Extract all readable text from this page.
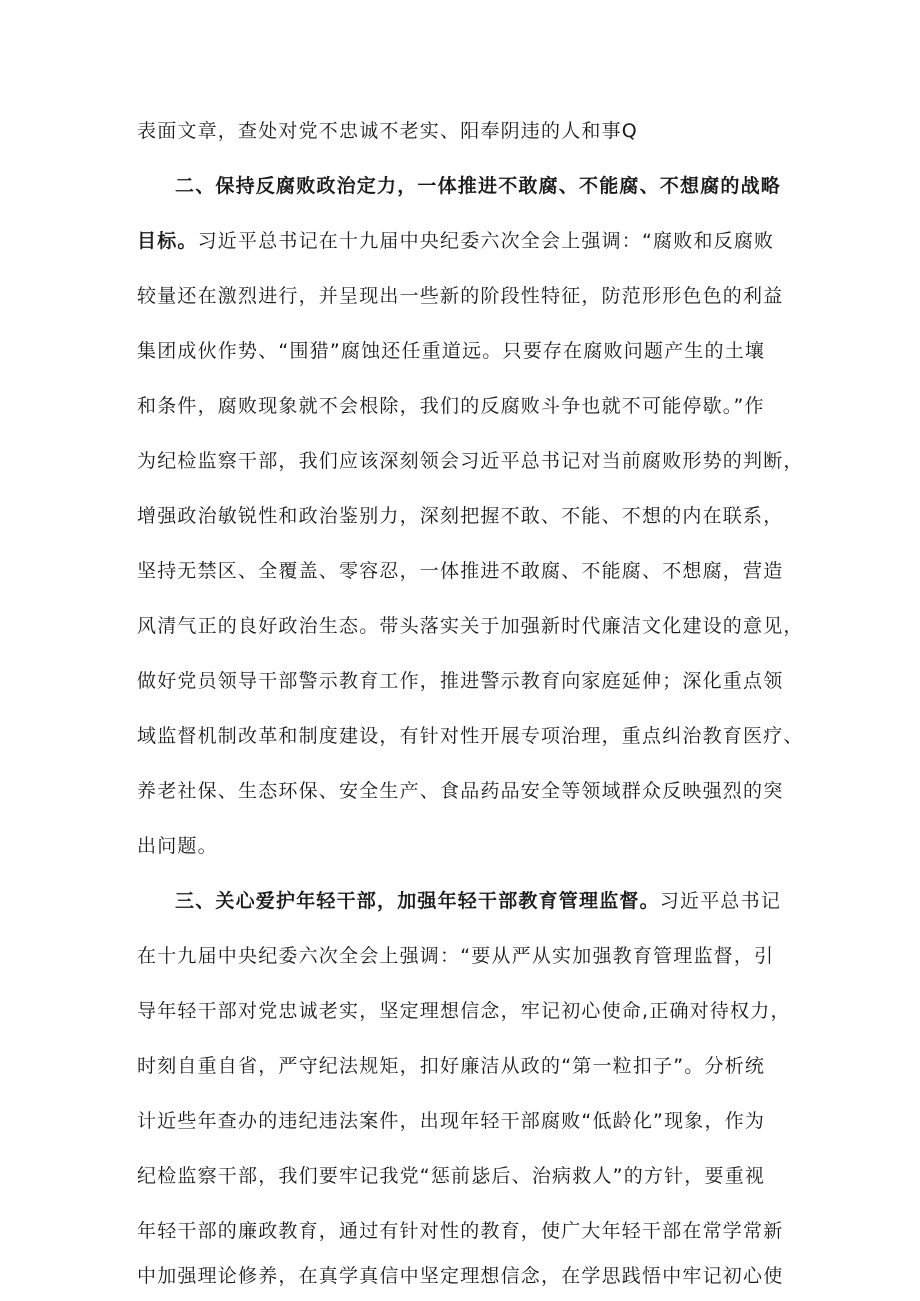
表面文章，查处对党不忠诚不老实、阳奉阴违的人和事Q
二、保持反腐败政治定力，一体推进不敢腐、不能腐、不想腐的战略
目标。习近平总书记在十九届中央纪委六次全会上强调：“腐败和反腐败
较量还在激烈进行，并呈现出一些新的阶段性特征，防范形形色色的利益
集团成伙作势、“围猎”腐蚀还任重道远。只要存在腐败问题产生的土壤
和条件，腐败现象就不会根除，我们的反腐败斗争也就不可能停歇。”作
为纪检监察干部，我们应该深刻领会习近平总书记对当前腐败形势的判断，
增强政治敏锐性和政治鉴别力，深刻把握不敢、不能、不想的内在联系，
坚持无禁区、全覆盖、零容忍，一体推进不敢腐、不能腐、不想腐，营造
风清气正的良好政治生态。带头落实关于加强新时代廉洁文化建设的意见，
做好党员领导干部警示教育工作，推进警示教育向家庭延伸；深化重点领
域监督机制改革和制度建设，有针对性开展专项治理，重点纠治教育医疗、
养老社保、生态环保、安全生产、食品药品安全等领域群众反映强烈的突
出问题。
三、关心爱护年轻干部，加强年轻干部教育管理监督。习近平总书记
在十九届中央纪委六次全会上强调：“要从严从实加强教育管理监督，引
导年轻干部对党忠诚老实，坚定理想信念，牢记初心使命,正确对待权力，
时刻自重自省，严守纪法规矩，扣好廉洁从政的“第一粒扣子”。分析统
计近些年查办的违纪违法案件，出现年轻干部腐败“低龄化”现象，作为
纪检监察干部，我们要牢记我党“惩前毖后、治病救人”的方针，要重视
年轻干部的廉政教育，通过有针对性的教育，使广大年轻干部在常学常新
中加强理论修养，在真学真信中坚定理想信念，在学思践悟中牢记初心使
